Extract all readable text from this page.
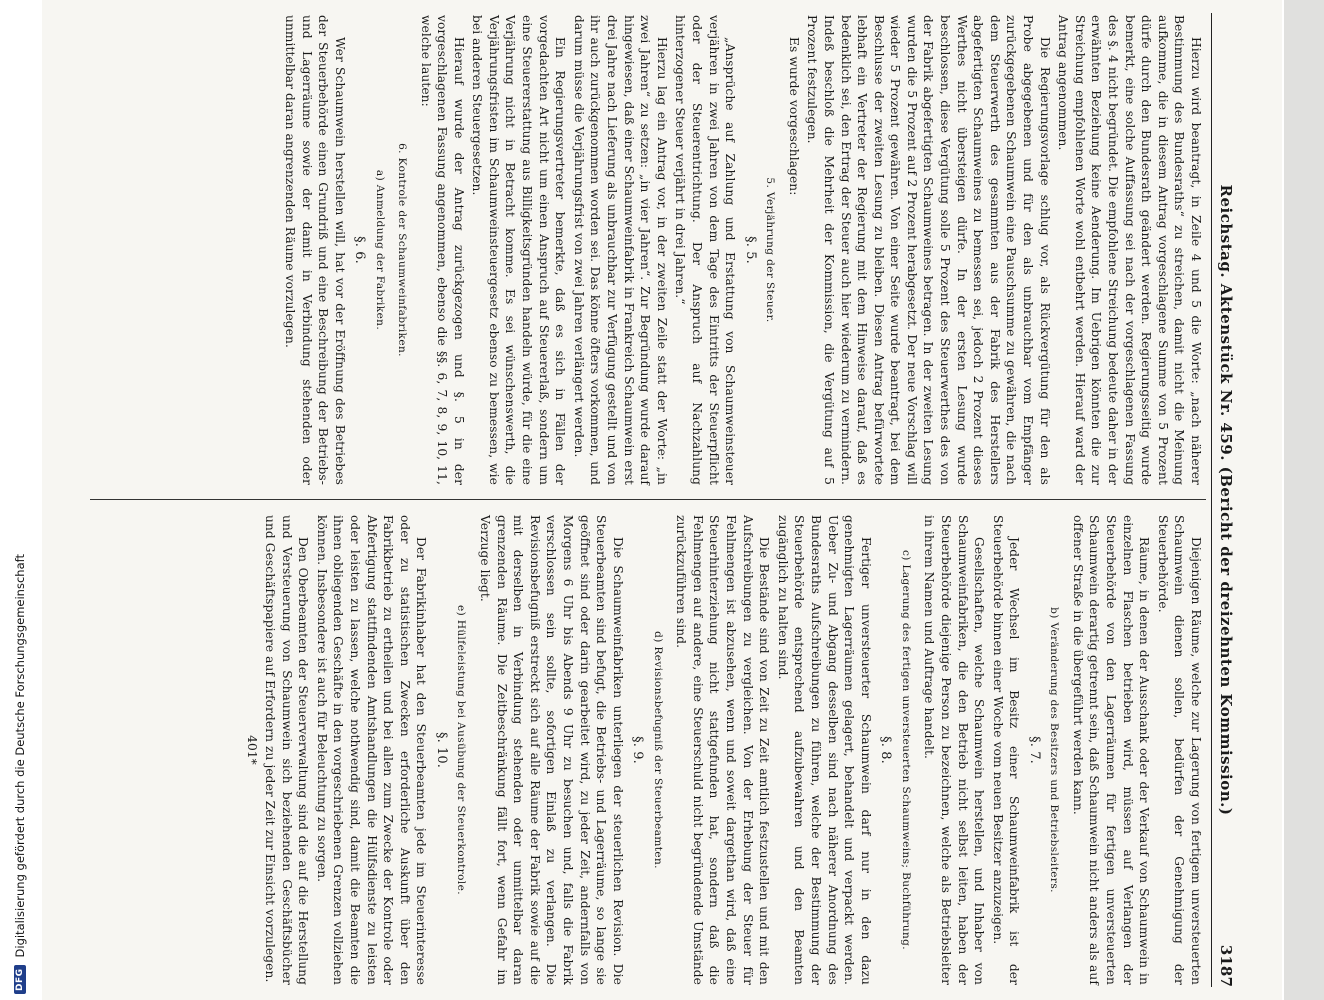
DFG
Digitalisierung gefördert durch die Deutsche Forschungsgemeinschaft	Reichstag. Aktenstück Nr. 459. (Bericht der dreizehnten Kommission.)
3187

Hierzu wird beantragt, in Zeile 4 und 5 die Worte: „nach näherer Bestimmung des Bundesraths“ zu streichen, damit nicht die Meinung aufkomme, die in diesem Antrag vorgeschlagene Summe von 5 Prozent dürfe durch den Bundesrath geändert werden. Regierungsseitig wurde bemerkt, eine solche Auffassung sei nach der vorgeschlagenen Fassung des §. 4 nicht begründet. Die empfohlene Streichung bedeute daher in der erwähnten Beziehung keine Aenderung. Im Uebrigen könnten die zur Streichung empfohlenen Worte wohl entbehrt werden. Hierauf ward der Antrag angenommen.

Die Regierungsvorlage schlug vor, als Rückvergütung für den als Probe abgegebenen und für den als unbrauchbar vom Empfänger zurückgegebenen Schaumwein eine Pauschsumme zu gewähren, die nach dem Steuerwerth des gesammten aus der Fabrik des Herstellers abgefertigten Schaumweines zu bemessen sei, jedoch 2 Prozent dieses Werthes nicht übersteigen dürfe. In der ersten Lesung wurde beschlossen, diese Vergütung solle 5 Prozent des Steuerwerthes des von der Fabrik abgefertigten Schaumweines betragen. In der zweiten Lesung wurden die 5 Prozent auf 2 Prozent herabgesetzt. Der neue Vorschlag will wieder 5 Prozent gewähren. Von einer Seite wurde beantragt, bei dem Beschlusse der zweiten Lesung zu bleiben. Diesen Antrag befürwortete lebhaft ein Vertreter der Regierung mit dem Hinweise darauf, daß es bedenklich sei, den Ertrag der Steuer auch hier wiederum zu vermindern. Indeß beschloß die Mehrheit der Kommission, die Vergütung auf 5 Prozent festzulegen.

Es wurde vorgeschlagen:

5. Verjährung der Steuer.
§. 5.

„Ansprüche auf Zahlung und Erstattung von Schaumweinsteuer verjähren in zwei Jahren von dem Tage des Eintritts der Steuerpflicht oder der Steuerentrichtung. Der Anspruch auf Nachzahlung hinterzogener Steuer verjährt in drei Jahren.“

Hierzu lag ein Antrag vor, in der zweiten Zeile statt der Worte: „in zwei Jahren“ zu setzen: „in vier Jahren“. Zur Begründung wurde darauf hingewiesen, daß einer Schaumweinfabrik in Frankreich Schaumwein erst drei Jahre nach Lieferung als unbrauchbar zur Verfügung gestellt und von ihr auch zurückgenommen worden sei. Das könne öfters vorkommen, und darum müsse die Verjährungsfrist von zwei Jahren verlängert werden.

Ein Regierungsvertreter bemerkte, daß es sich in Fällen der vorgedachten Art nicht um einen Anspruch auf Steuererlaß, sondern um eine Steuererstattung aus Billigkeitsgründen handeln würde, für die eine Verjährung nicht in Betracht komme. Es sei wünschenswerth, die Verjährungsfristen im Schaumweinsteuergesetz ebenso zu bemessen, wie bei anderen Steuergesetzen.

Hierauf wurde der Antrag zurückgezogen und §. 5 in der vorgeschlagenen Fassung angenommen, ebenso die §§. 6, 7, 8, 9, 10, 11, welche lauten:

6. Kontrole der Schaumweinfabriken.
a) Anmeldung der Fabriken.
§. 6.

Wer Schaumwein herstellen will, hat vor der Eröffnung des Betriebes der Steuerbehörde einen Grundriß und eine Beschreibung der Betriebs- und Lagerräume sowie der damit in Verbindung stehenden oder unmittelbar daran angrenzenden Räume vorzulegen.

Diejenigen Räume, welche zur Lagerung von fertigem unversteuerten Schaumwein dienen sollen, bedürfen der Genehmigung der Steuerbehörde.

Räume, in denen der Ausschank oder der Verkauf von Schaumwein in einzelnen Flaschen betrieben wird, müssen auf Verlangen der Steuerbehörde von den Lagerräumen für fertigen unversteuerten Schaumwein derartig getrennt sein, daß Schaumwein nicht anders als auf offener Straße in die übergeführt werden kann.

b) Veränderung des Besitzers und Betriebsleiters.
§. 7.

Jeder Wechsel im Besitz einer Schaumweinfabrik ist der Steuerbehörde binnen einer Woche vom neuen Besitzer anzuzeigen.

Gesellschaften, welche Schaumwein herstellen, und Inhaber von Schaumweinfabriken, die den Betrieb nicht selbst leiten, haben der Steuerbehörde diejenige Person zu bezeichnen, welche als Betriebsleiter in ihrem Namen und Auftrage handelt.

c) Lagerung des fertigen unversteuerten Schaumweins; Buchführung.
§. 8.

Fertiger unversteuerter Schaumwein darf nur in den dazu genehmigten Lagerräumen gelagert, behandelt und verpackt werden. Ueber Zu- und Abgang desselben sind nach näherer Anordnung des Bundesraths Aufschreibungen zu führen, welche der Bestimmung der Steuerbehörde entsprechend aufzubewahren und den Beamten zugänglich zu halten sind.

Die Bestände sind von Zeit zu Zeit amtlich festzustellen und mit den Aufschreibungen zu vergleichen. Von der Erhebung der Steuer für Fehlmengen ist abzusehen, wenn und soweit dargethan wird, daß eine Steuerhinterziehung nicht stattgefunden hat, sondern daß die Fehlmengen auf andere, eine Steuerschuld nicht begründende Umstände zurückzuführen sind.

d) Revisionsbefugniß der Steuerbeamten.
§. 9.

Die Schaumweinfabriken unterliegen der steuerlichen Revision. Die Steuerbeamten sind befugt, die Betriebs- und Lagerräume, so lange sie geöffnet sind oder darin gearbeitet wird, zu jeder Zeit, andernfalls von Morgens 6 Uhr bis Abends 9 Uhr zu besuchen und, falls die Fabrik verschlossen sein sollte, sofortigen Einlaß zu verlangen. Die Revisionsbefugniß erstreckt sich auf alle Räume der Fabrik sowie auf die mit derselben in Verbindung stehenden oder unmittelbar daran grenzenden Räume. Die Zeitbeschränkung fällt fort, wenn Gefahr im Verzuge liegt.

e) Hülfeleistung bei Ausübung der Steuerkontrole.
§. 10.

Der Fabrikinhaber hat den Steuerbeamten jede im Steuerinteresse oder zu statistischen Zwecken erforderliche Auskunft über den Fabrikbetrieb zu ertheilen und bei allen zum Zwecke der Kontrole oder Abfertigung stattfindenden Amtshandlungen die Hülfsdienste zu leisten oder leisten zu lassen, welche nothwendig sind, damit die Beamten die ihnen obliegenden Geschäfte in den vorgeschriebenen Grenzen vollziehen können. Insbesondere ist auch für Beleuchtung zu sorgen.

Den Oberbeamten der Steuerverwaltung sind die auf die Herstellung und Versteuerung von Schaumwein sich beziehenden Geschäftsbücher und Geschäftspapiere auf Erfordern zu jeder Zeit zur Einsicht vorzulegen.

401*
